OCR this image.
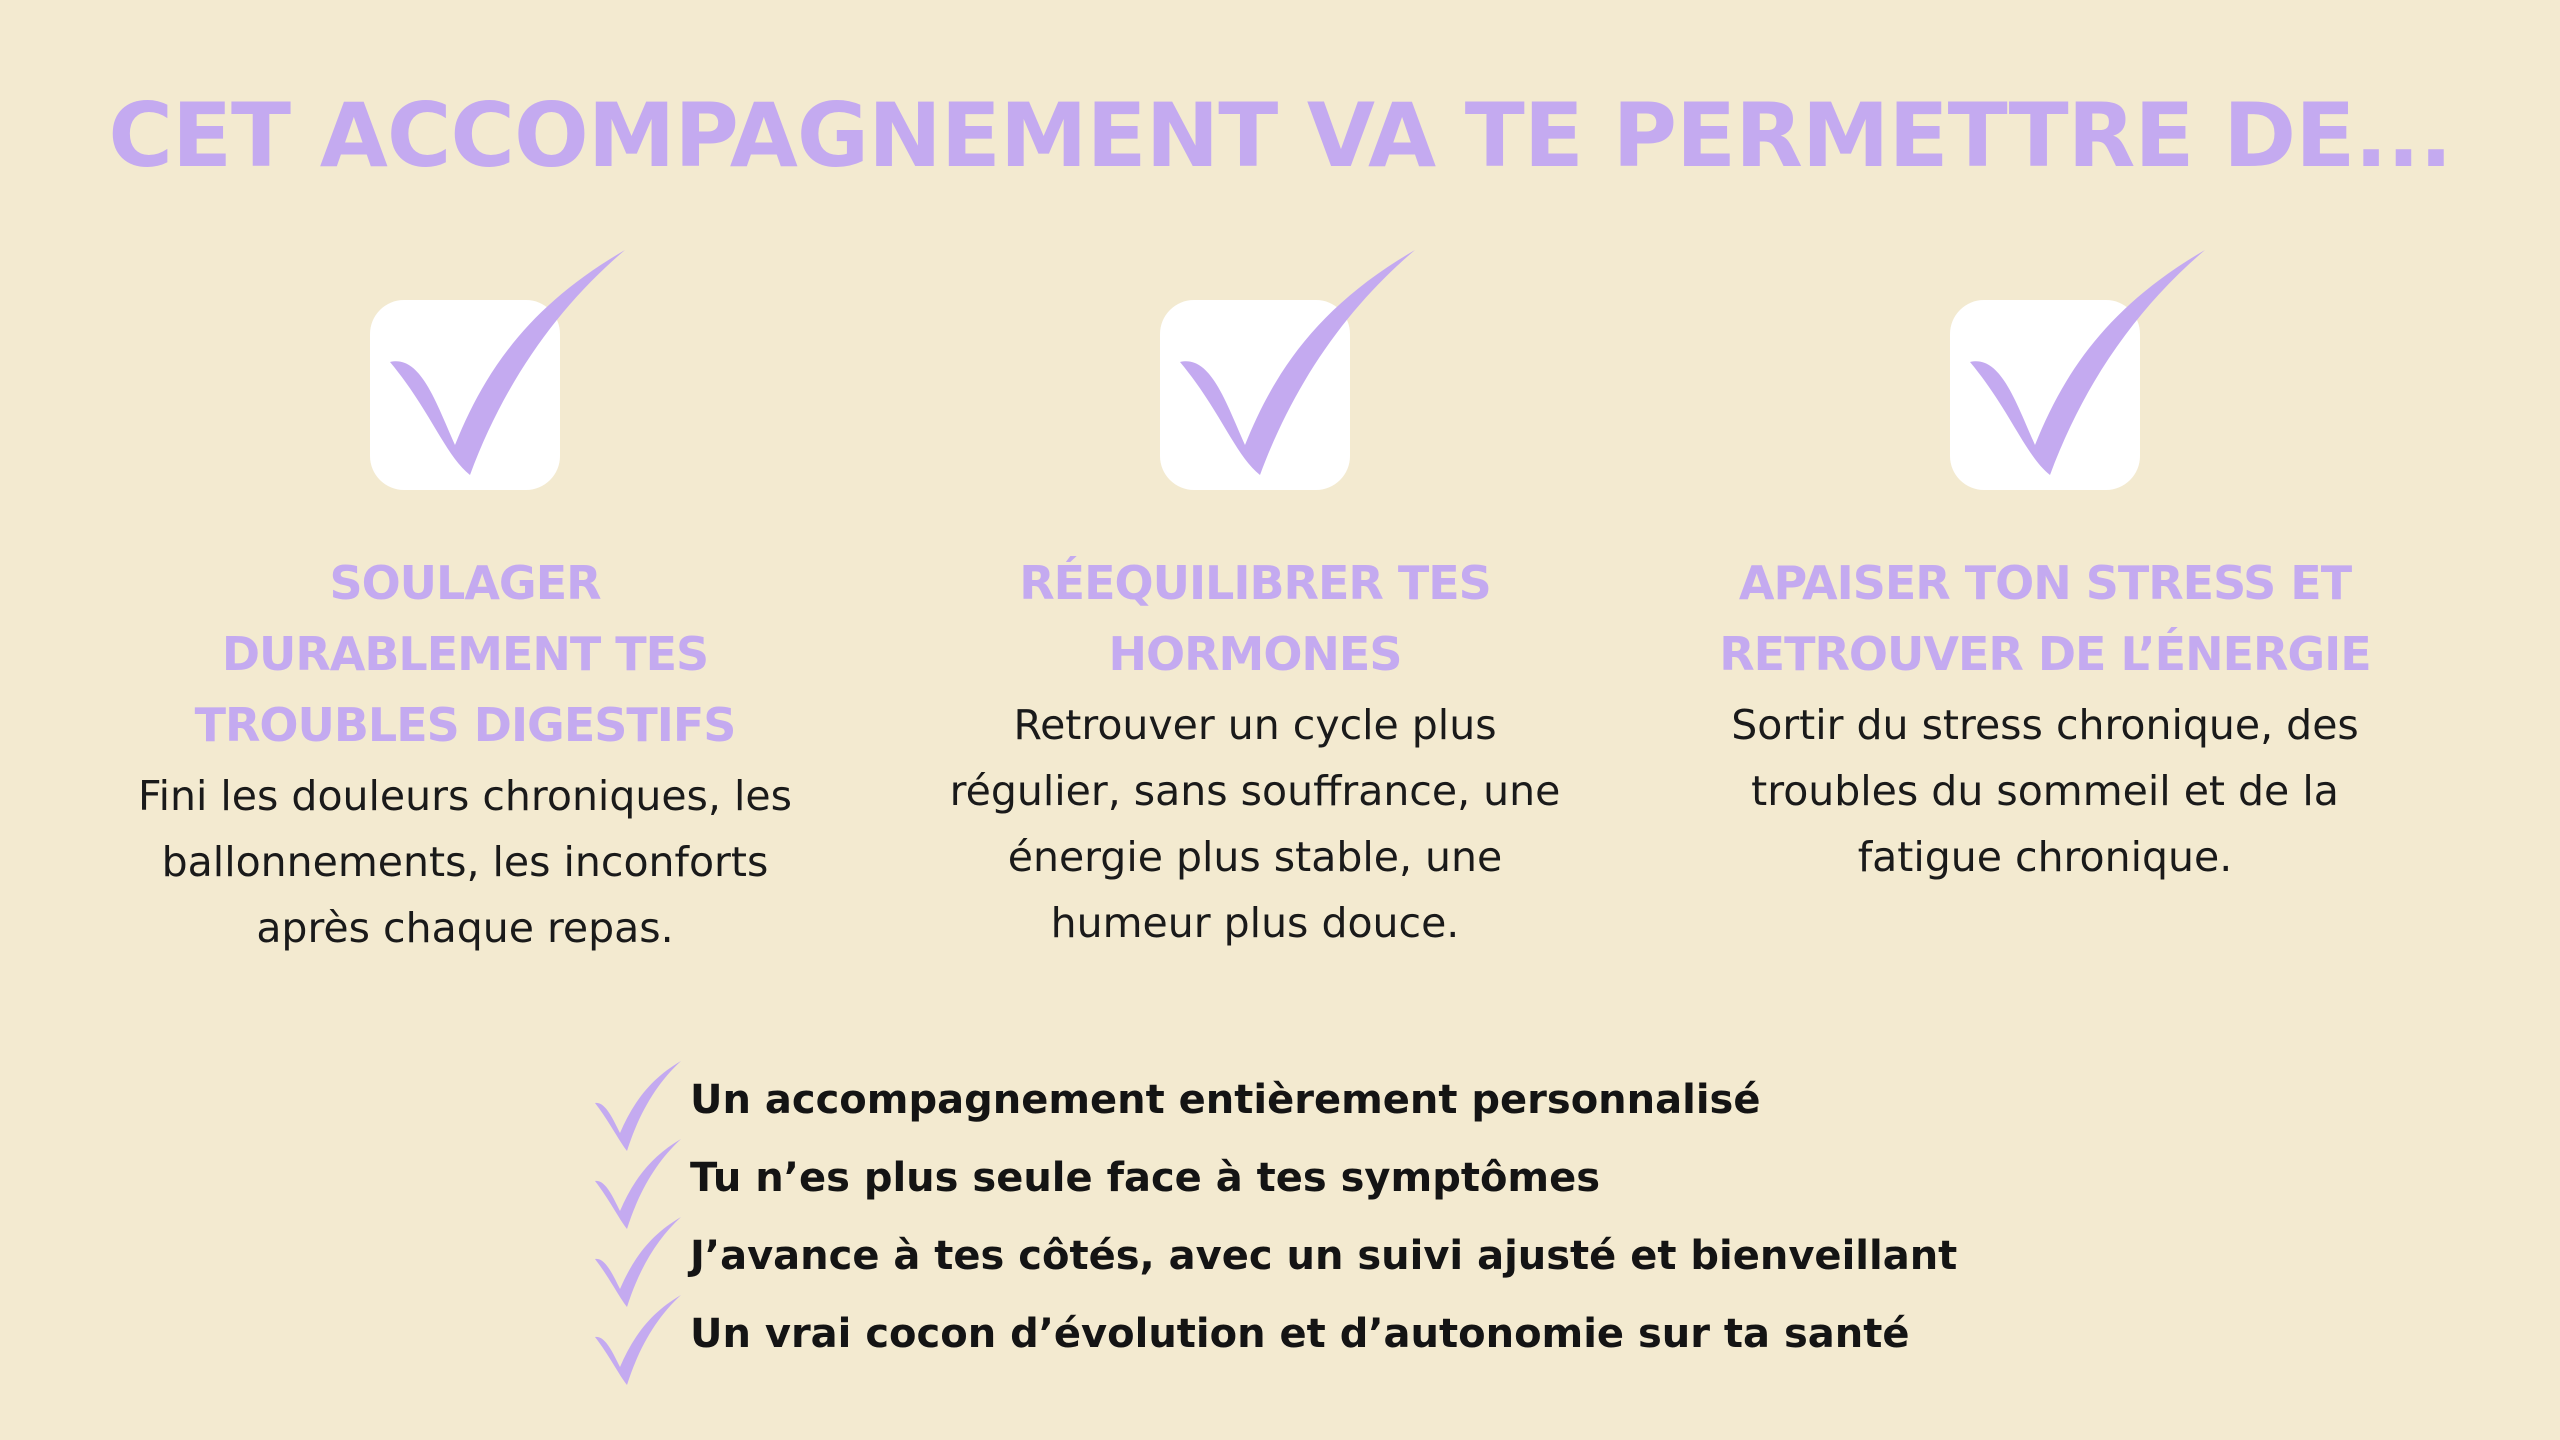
CET ACCOMPAGNEMENT VA TE PERMETTRE DE...
SOULAGER DURABLEMENT TES TROUBLES DIGESTIFS
Fini les douleurs chroniques, les ballonnements, les inconforts après chaque repas.
RÉEQUILIBRER TES HORMONES
Retrouver un cycle plus régulier, sans souffrance, une énergie plus stable, une humeur plus douce.
APAISER TON STRESS ET RETROUVER DE L’ÉNERGIE
Sortir du stress chronique, des troubles du sommeil et de la fatigue chronique.
Un accompagnement entièrement personnalisé
Tu n’es plus seule face à tes symptômes
J’avance à tes côtés, avec un suivi ajusté et bienveillant
Un vrai cocon d’évolution et d’autonomie sur ta santé
